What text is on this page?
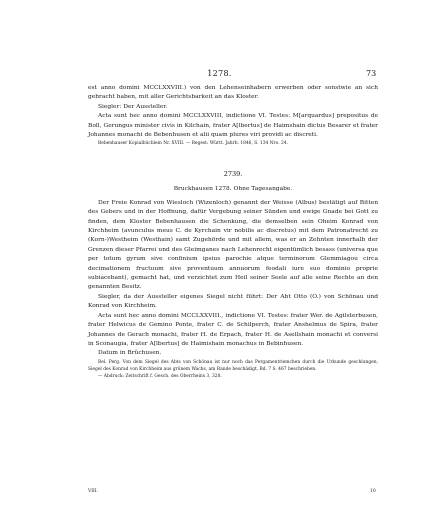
1278.	73

est anno domini MCCLXXVIII.) von den Lehenseinhabern erwerben oder sonstwie an sich gebracht haben, mit aller Gerichtsbarkeit an das Kloster.

Siegler: Der Aussteller.

Acta sunt hec anno domini MCCLXXVIII, indictione VI. Testes: M[arquardus] prepositus de Boll, Gerungus minister civis in Kilchain, frater A[lbertus] de Haimshain dictus Besarer et frater Johannes monachi de Bebenhusen et alii quam plures viri providi ac discreti.

Bebenhauser Kopialbüchlein Nr. XVIII. — Regest: Württ. Jahrb. 1846, S. 134 Nro. 24.

2739.

Bruckhausen 1278. Ohne Tagesangabe.

Der Freie Konrad von Wiesloch (Wizenloch) genannt der Weisse (Albus) bestätigt auf Bitten des Gebers und in der Hoffnung, dafür Vergebung seiner Sünden und ewige Gnade bei Gott zu finden, dem Kloster Bebenhausen die Schenkung, die demselben sein Oheim Konrad von Kirchheim (avunculus meus C. de Kyrchain vir nobilis ac discretus) mit dem Patronatrecht zu (Korn-)Westheim (Westhain) samt Zugehörde und mit allem, was er an Zehnten innerhalb der Grenzen dieser Pfarrei und des Gleimganes nach Lehenrecht eigentümlich besass (universa que per totum gyrum sive confinium ipsius parochie atque terminorum Glemmiagou circa decimationem fructuum sive proventuum annuorum feodali iure suo dominio proprie subiacebant), gemacht hat, und verzichtet zum Heil seiner Seele auf alle seine Rechte an den genannten Besitz.

Siegler, da der Aussteller eigenes Siegel nicht führt: Der Abt Otto (O.) von Schönau und Konrad von Kirchheim.

Acta sunt hec anno domini MCCLXXVIII., indictione VI. Testes: frater Wer. de Agilsterbusen, frater Helwicus de Gemino Ponte, frater C. de Schilperch, frater Anshelmus de Spira, frater Johannes de Gerach monachi, frater H. de Erpach, frater H. de Asellshain monachi et conversi in Sconaugia, frater A[lbertus] de Haimishain monachus in Bebinhusen.

Datum in Brûchusen.

Bel. Perg. Von dem Siegel des Abts von Schönau ist nur noch das Pergamentriemchen durch die Urkunde geschlungen, Siegel des Konrad von Kirchheim aus grünem Wachs, am Rande beschädigt, Bd. 7 S. 467 beschrieben.

— Abdruck: Zeitschrift f. Gesch. des Oberrheins 3, 328.

VIII.	10
